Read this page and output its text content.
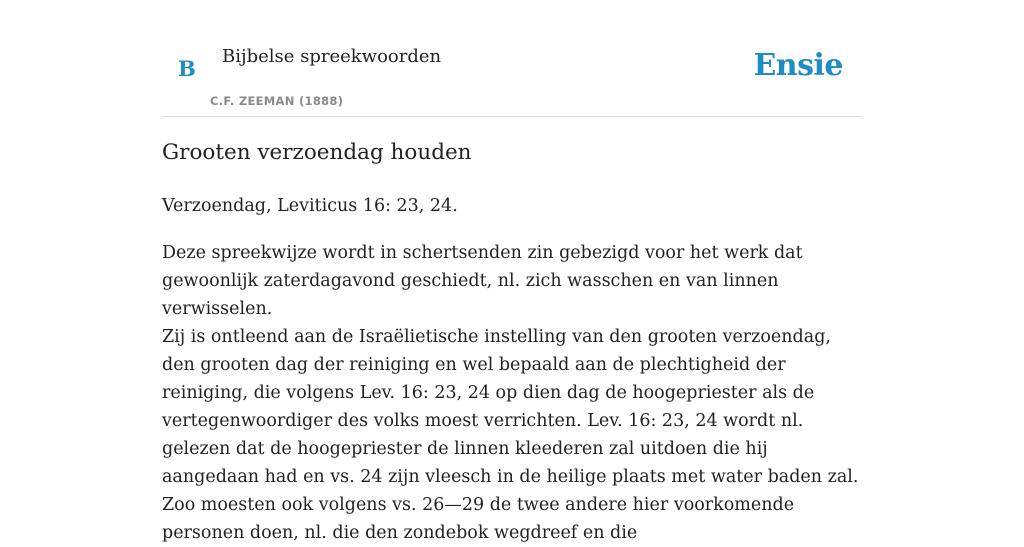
B Bijbelse spreekwoorden
C.F. ZEEMAN (1888)
Ensie
Grooten verzoendag houden

Verzoendag, Leviticus 16: 23, 24.

Deze spreekwijze wordt in schertsenden zin gebezigd voor het werk dat gewoonlijk zaterdagavond geschiedt, nl. zich wasschen en van linnen verwisselen.

Zij is ontleend aan de Israëlietische instelling van den grooten verzoendag, den grooten dag der reiniging en wel bepaald aan de plechtigheid der reiniging, die volgens Lev. 16: 23, 24 op dien dag de hoogepriester als de vertegenwoordiger des volks moest verrichten. Lev. 16: 23, 24 wordt nl. gelezen dat de hoogepriester de linnen kleederen zal uitdoen die hij aangedaan had en vs. 24 zijn vleesch in de heilige plaats met water baden zal. Zoo moesten ook volgens vs. 26—29 de twee andere hier voorkomende personen doen, nl. die den zondebok wegdreef en die
